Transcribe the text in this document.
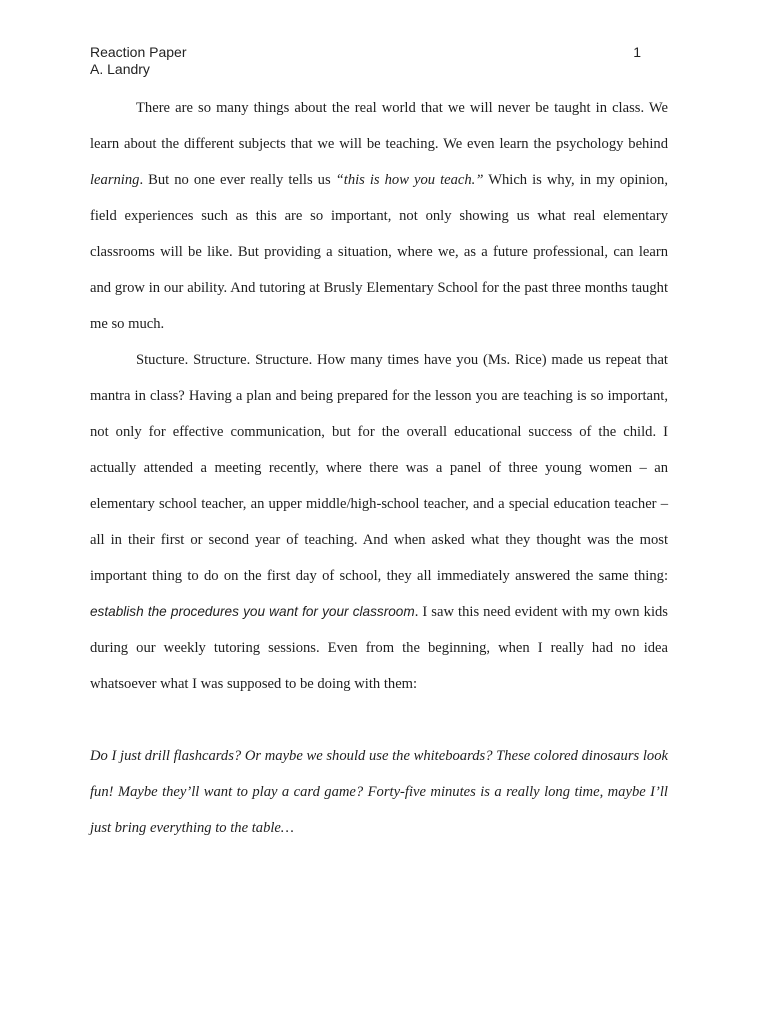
Reaction Paper
A. Landry
1

There are so many things about the real world that we will never be taught in class. We learn about the different subjects that we will be teaching. We even learn the psychology behind learning. But no one ever really tells us “this is how you teach.” Which is why, in my opinion, field experiences such as this are so important, not only showing us what real elementary classrooms will be like. But providing a situation, where we, as a future professional, can learn and grow in our ability. And tutoring at Brusly Elementary School for the past three months taught me so much.

Stucture. Structure. Structure. How many times have you (Ms. Rice) made us repeat that mantra in class? Having a plan and being prepared for the lesson you are teaching is so important, not only for effective communication, but for the overall educational success of the child. I actually attended a meeting recently, where there was a panel of three young women – an elementary school teacher, an upper middle/high-school teacher, and a special education teacher – all in their first or second year of teaching. And when asked what they thought was the most important thing to do on the first day of school, they all immediately answered the same thing: establish the procedures you want for your classroom. I saw this need evident with my own kids during our weekly tutoring sessions. Even from the beginning, when I really had no idea whatsoever what I was supposed to be doing with them:

Do I just drill flashcards? Or maybe we should use the whiteboards? These colored dinosaurs look fun! Maybe they’ll want to play a card game? Forty-five minutes is a really long time, maybe I’ll just bring everything to the table…
